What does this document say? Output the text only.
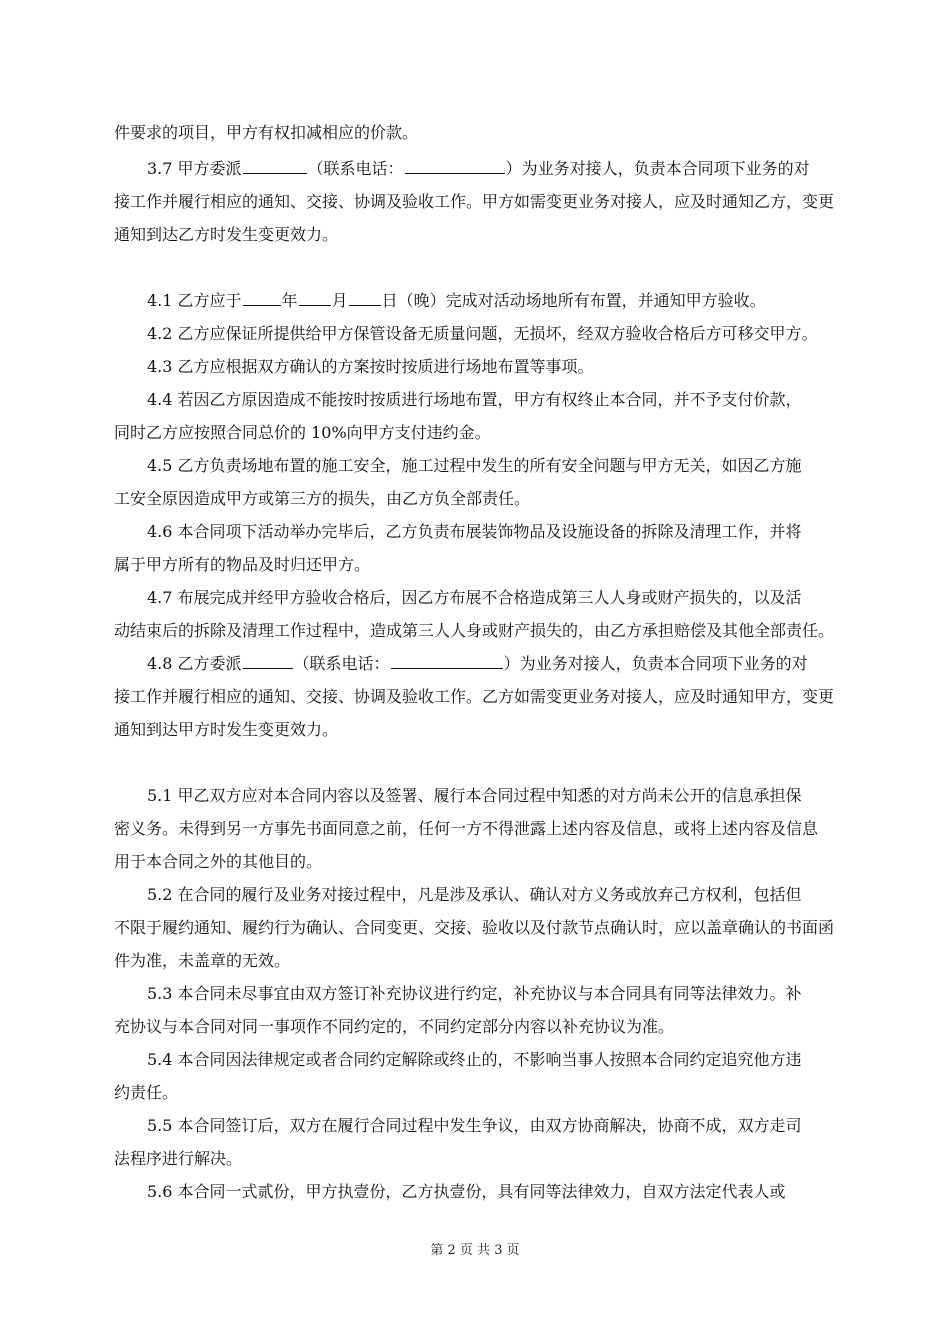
件要求的项目，甲方有权扣减相应的价款。
3.7 甲方委派	（联系电话：	）为业务对接人，负责本合同项下业务的对
接工作并履行相应的通知、交接、协调及验收工作。甲方如需变更业务对接人，应及时通知乙方，变更
通知到达乙方时发生变更效力。
4.1 乙方应于	年 月 日（晚）完成对活动场地所有布置，并通知甲方验收。
4.2 乙方应保证所提供给甲方保管设备无质量问题，无损坏，经双方验收合格后方可移交甲方。
4.3 乙方应根据双方确认的方案按时按质进行场地布置等事项。
4.4 若因乙方原因造成不能按时按质进行场地布置，甲方有权终止本合同，并不予支付价款，
同时乙方应按照合同总价的 10%向甲方支付违约金。
4.5 乙方负责场地布置的施工安全，施工过程中发生的所有安全问题与甲方无关，如因乙方施
工安全原因造成甲方或第三方的损失，由乙方负全部责任。
4.6 本合同项下活动举办完毕后，乙方负责布展装饰物品及设施设备的拆除及清理工作，并将
属于甲方所有的物品及时归还甲方。
4.7 布展完成并经甲方验收合格后，因乙方布展不合格造成第三人人身或财产损失的，以及活
动结束后的拆除及清理工作过程中，造成第三人人身或财产损失的，由乙方承担赔偿及其他全部责任。
4.8 乙方委派	（联系电话：	）为业务对接人，负责本合同项下业务的对
接工作并履行相应的通知、交接、协调及验收工作。乙方如需变更业务对接人，应及时通知甲方，变更
通知到达甲方时发生变更效力。
5.1 甲乙双方应对本合同内容以及签署、履行本合同过程中知悉的对方尚未公开的信息承担保
密义务。未得到另一方事先书面同意之前，任何一方不得泄露上述内容及信息，或将上述内容及信息
用于本合同之外的其他目的。
5.2 在合同的履行及业务对接过程中，凡是涉及承认、确认对方义务或放弃己方权利，包括但
不限于履约通知、履约行为确认、合同变更、交接、验收以及付款节点确认时，应以盖章确认的书面函
件为准，未盖章的无效。
5.3 本合同未尽事宜由双方签订补充协议进行约定，补充协议与本合同具有同等法律效力。补
充协议与本合同对同一事项作不同约定的，不同约定部分内容以补充协议为准。
5.4 本合同因法律规定或者合同约定解除或终止的，不影响当事人按照本合同约定追究他方违
约责任。
5.5 本合同签订后，双方在履行合同过程中发生争议，由双方协商解决，协商不成，双方走司
法程序进行解决。
5.6 本合同一式贰份，甲方执壹份，乙方执壹份，具有同等法律效力，自双方法定代表人或
第 2 页 共 3 页
